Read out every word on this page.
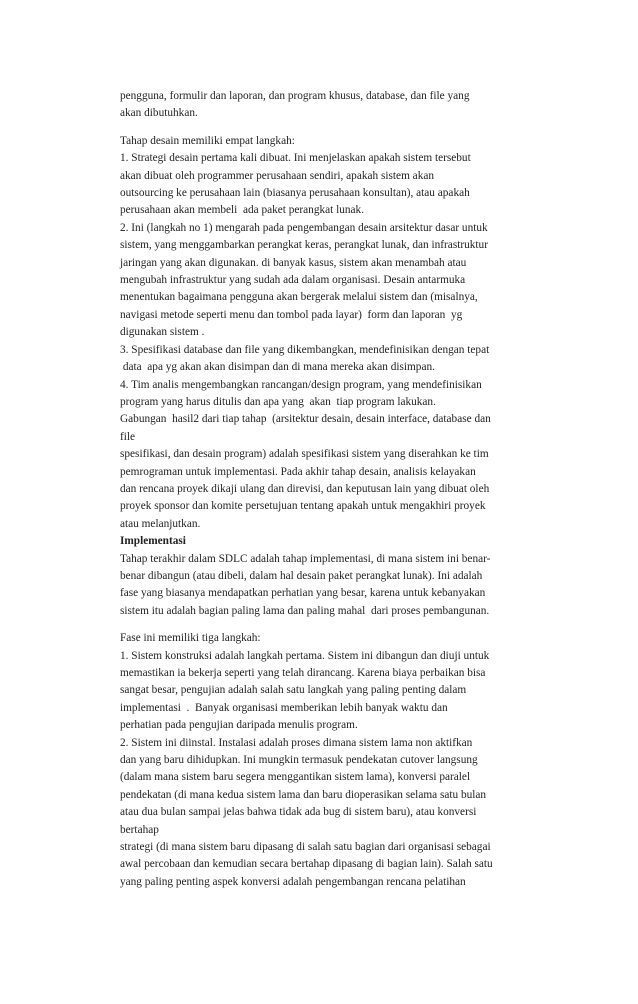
pengguna, formulir dan laporan, dan program khusus, database, dan file yang
akan dibutuhkan.
Tahap desain memiliki empat langkah:
1. Strategi desain pertama kali dibuat. Ini menjelaskan apakah sistem tersebut
akan dibuat oleh programmer perusahaan sendiri, apakah sistem akan
outsourcing ke perusahaan lain (biasanya perusahaan konsultan), atau apakah
perusahaan akan membeli  ada paket perangkat lunak.
2. Ini (langkah no 1) mengarah pada pengembangan desain arsitektur dasar untuk
sistem, yang menggambarkan perangkat keras, perangkat lunak, dan infrastruktur
jaringan yang akan digunakan. di banyak kasus, sistem akan menambah atau
mengubah infrastruktur yang sudah ada dalam organisasi. Desain antarmuka
menentukan bagaimana pengguna akan bergerak melalui sistem dan (misalnya,
navigasi metode seperti menu dan tombol pada layar)  form dan laporan  yg
digunakan sistem .
3. Spesifikasi database dan file yang dikembangkan, mendefinisikan dengan tepat
data  apa yg akan akan disimpan dan di mana mereka akan disimpan.
4. Tim analis mengembangkan rancangan/design program, yang mendefinisikan
program yang harus ditulis dan apa yang  akan  tiap program lakukan.
Gabungan  hasil2 dari tiap tahap  (arsitektur desain, desain interface, database dan
file
spesifikasi, dan desain program) adalah spesifikasi sistem yang diserahkan ke tim
pemrograman untuk implementasi. Pada akhir tahap desain, analisis kelayakan
dan rencana proyek dikaji ulang dan direvisi, dan keputusan lain yang dibuat oleh
proyek sponsor dan komite persetujuan tentang apakah untuk mengakhiri proyek
atau melanjutkan.
Implementasi
Tahap terakhir dalam SDLC adalah tahap implementasi, di mana sistem ini benar-
benar dibangun (atau dibeli, dalam hal desain paket perangkat lunak). Ini adalah
fase yang biasanya mendapatkan perhatian yang besar, karena untuk kebanyakan
sistem itu adalah bagian paling lama dan paling mahal  dari proses pembangunan.
Fase ini memiliki tiga langkah:
1. Sistem konstruksi adalah langkah pertama. Sistem ini dibangun dan diuji untuk
memastikan ia bekerja seperti yang telah dirancang. Karena biaya perbaikan bisa
sangat besar, pengujian adalah salah satu langkah yang paling penting dalam
implementasi  .  Banyak organisasi memberikan lebih banyak waktu dan
perhatian pada pengujian daripada menulis program.
2. Sistem ini diinstal. Instalasi adalah proses dimana sistem lama non aktifkan
dan yang baru dihidupkan. Ini mungkin termasuk pendekatan cutover langsung
(dalam mana sistem baru segera menggantikan sistem lama), konversi paralel
pendekatan (di mana kedua sistem lama dan baru dioperasikan selama satu bulan
atau dua bulan sampai jelas bahwa tidak ada bug di sistem baru), atau konversi
bertahap
strategi (di mana sistem baru dipasang di salah satu bagian dari organisasi sebagai
awal percobaan dan kemudian secara bertahap dipasang di bagian lain). Salah satu
yang paling penting aspek konversi adalah pengembangan rencana pelatihan
